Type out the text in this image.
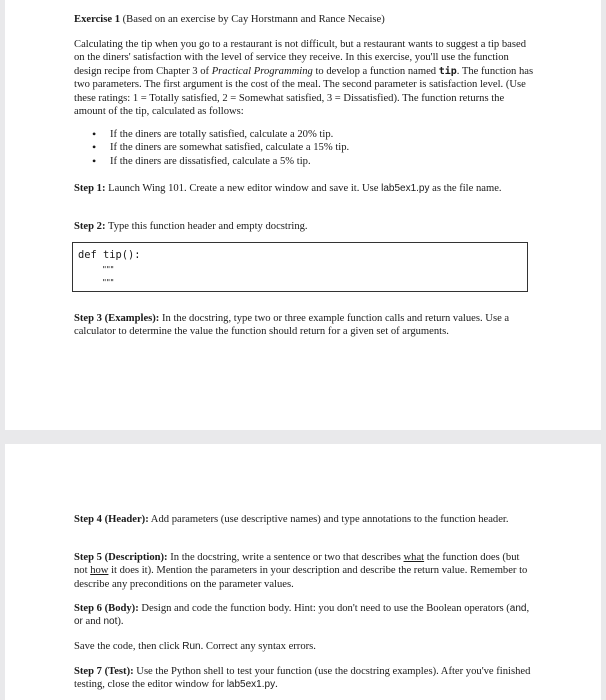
Exercise 1 (Based on an exercise by Cay Horstmann and Rance Necaise)

Calculating the tip when you go to a restaurant is not difficult, but a restaurant wants to suggest a tip based on the diners' satisfaction with the level of service they receive. In this exercise, you'll use the function design recipe from Chapter 3 of Practical Programming to develop a function named tip. The function has two parameters. The first argument is the cost of the meal. The second parameter is satisfaction level. (Use these ratings: 1 = Totally satisfied, 2 = Somewhat satisfied, 3 = Dissatisfied). The function returns the amount of the tip, calculated as follows:

• If the diners are totally satisfied, calculate a 20% tip.
• If the diners are somewhat satisfied, calculate a 15% tip.
• If the diners are dissatisfied, calculate a 5% tip.

Step 1: Launch Wing 101. Create a new editor window and save it. Use lab5ex1.py as the file name.

Step 2: Type this function header and empty docstring.

def tip():
"""
"""

Step 3 (Examples): In the docstring, type two or three example function calls and return values. Use a calculator to determine the value the function should return for a given set of arguments.

Step 4 (Header): Add parameters (use descriptive names) and type annotations to the function header.

Step 5 (Description): In the docstring, write a sentence or two that describes what the function does (but not how it does it). Mention the parameters in your description and describe the return value. Remember to describe any preconditions on the parameter values.

Step 6 (Body): Design and code the function body. Hint: you don't need to use the Boolean operators (and, or and not).

Save the code, then click Run. Correct any syntax errors.

Step 7 (Test): Use the Python shell to test your function (use the docstring examples). After you've finished testing, close the editor window for lab5ex1.py.
